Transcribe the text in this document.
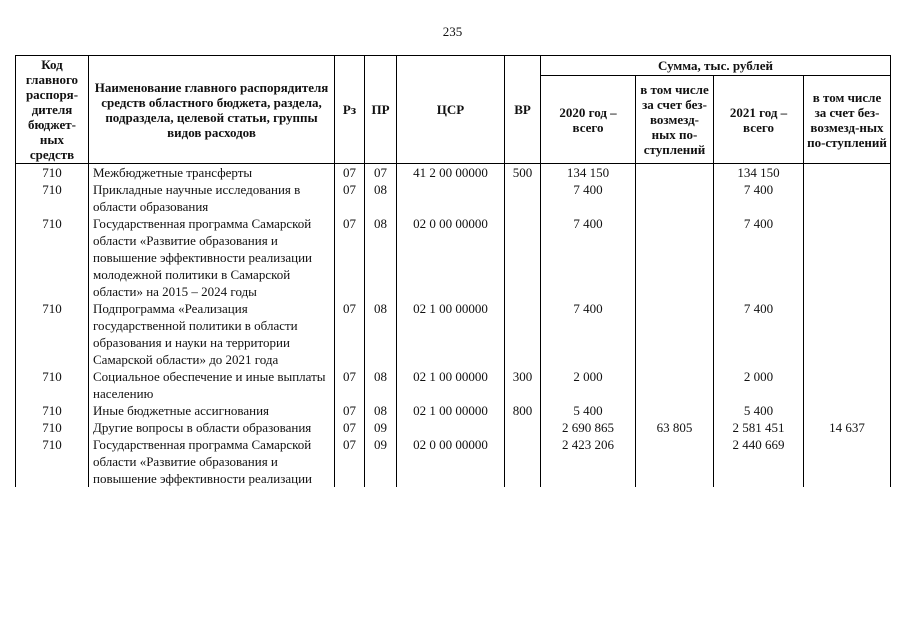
235
Код главного распоря-дителя бюджет-ных средств	Наименование главного распорядителя средств областного бюджета, раздела, подраздела, целевой статьи, группы видов расходов	Рз	ПР	ЦСР	ВР	Сумма, тыс. рублей			
						2020 год – всего	в том числе за счет без-возмезд-ных по-ступлений	2021 год – всего	в том числе за счет без-возмезд-ных по-ступлений
710	Межбюджетные трансферты	07	07	41 2 00 00000	500	134 150		134 150	
710	Прикладные научные исследования в области образования	07	08			7 400		7 400	
710	Государственная программа Самарской области «Развитие образования и повышение эффективности реализации молодежной политики в Самарской области» на 2015 – 2024 годы	07	08	02 0 00 00000		7 400		7 400	
710	Подпрограмма «Реализация государственной политики в области образования и науки на территории Самарской области» до 2021 года	07	08	02 1 00 00000		7 400		7 400	
710	Социальное обеспечение и иные выплаты населению	07	08	02 1 00 00000	300	2 000		2 000	
710	Иные бюджетные ассигнования	07	08	02 1 00 00000	800	5 400		5 400	
710	Другие вопросы в области образования	07	09			2 690 865	63 805	2 581 451	14 637
710	Государственная программа Самарской области «Развитие образования и повышение эффективности реализации	07	09	02 0 00 00000		2 423 206		2 440 669	
